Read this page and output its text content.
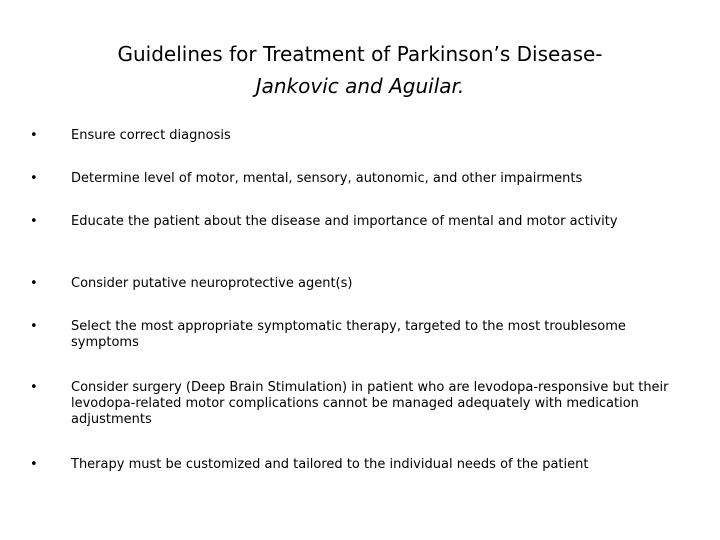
Guidelines for Treatment of Parkinson’s Disease-
Jankovic and Aguilar.
•	Ensure correct diagnosis
•	Determine level of motor, mental, sensory, autonomic, and other impairments
•	Educate the patient about the disease and importance of mental and motor activity
•	Consider putative neuroprotective agent(s)
•	Select the most appropriate symptomatic therapy, targeted to the most troublesome symptoms
•	Consider surgery (Deep Brain Stimulation) in patient who are levodopa-responsive but their levodopa-related motor complications cannot be managed adequately with medication adjustments
•	Therapy must be customized and tailored to the individual needs of the patient
